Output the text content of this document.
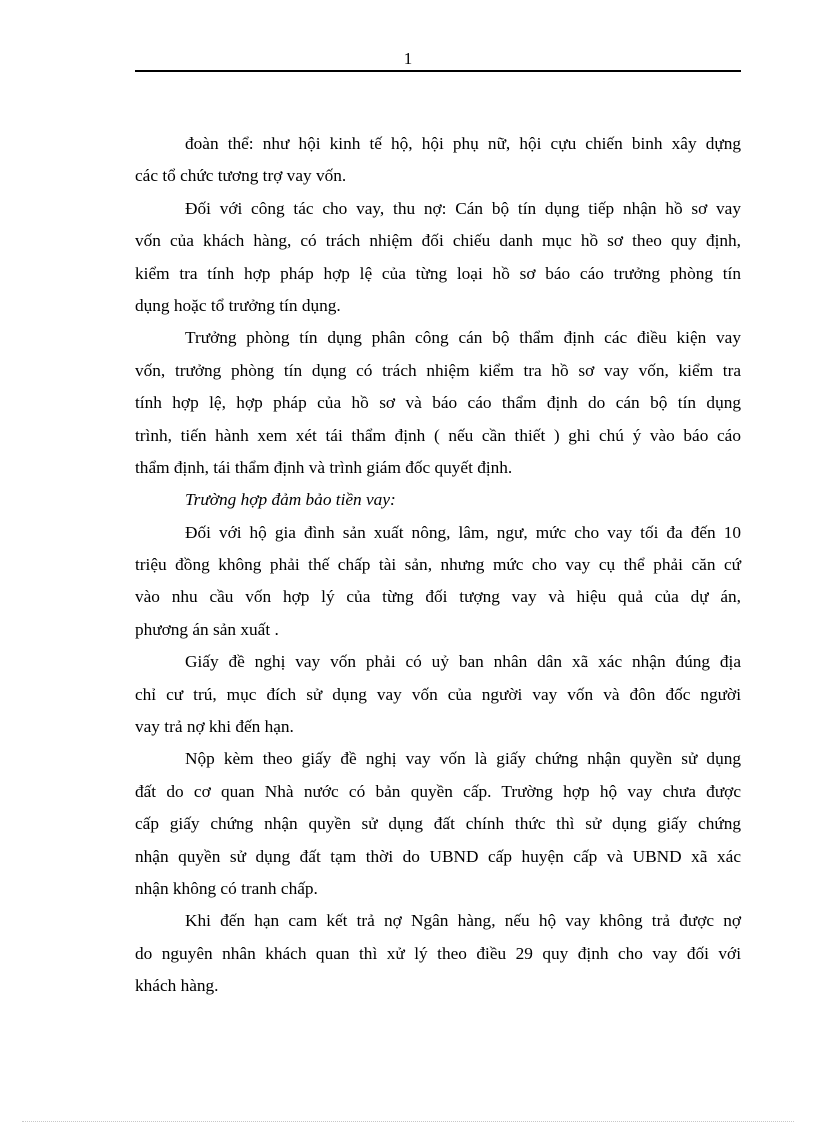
1

đoàn thể: như hội kinh tế hộ, hội phụ nữ, hội cựu chiến binh xây dựng
các tổ chức tương trợ vay vốn.

Đối với công tác cho vay, thu nợ: Cán bộ tín dụng tiếp nhận hồ sơ vay
vốn của khách hàng, có trách nhiệm đối chiếu danh mục hồ sơ theo quy định,
kiểm tra tính hợp pháp hợp lệ của từng loại hồ sơ báo cáo trưởng phòng tín
dụng hoặc tổ trưởng tín dụng.

Trưởng phòng tín dụng phân công cán bộ thẩm định các điều kiện vay
vốn, trưởng phòng tín dụng có trách nhiệm kiểm tra hồ sơ vay vốn, kiểm tra
tính hợp lệ, hợp pháp của hồ sơ và báo cáo thẩm định do cán bộ tín dụng
trình, tiến hành xem xét tái thẩm định ( nếu cần thiết ) ghi chú ý vào báo cáo
thẩm định, tái thẩm định và trình giám đốc quyết định.

Trường hợp đảm bảo tiền vay:

Đối với hộ gia đình sản xuất nông, lâm, ngư, mức cho vay tối đa đến 10
triệu đồng không phải thế chấp tài sản, nhưng mức cho vay cụ thể phải căn cứ
vào nhu cầu vốn hợp lý của từng đối tượng vay và hiệu quả của dự án,
phương án sản xuất .

Giấy đề nghị vay vốn phải có uỷ ban nhân dân xã xác nhận đúng địa
chỉ cư trú, mục đích sử dụng vay vốn của người vay vốn và đôn đốc người
vay trả nợ khi đến hạn.

Nộp kèm theo giấy đề nghị vay vốn là giấy chứng nhận quyền sử dụng
đất do cơ quan Nhà nước có bản quyền cấp. Trường hợp hộ vay chưa được
cấp giấy chứng nhận quyền sử dụng đất chính thức thì sử dụng giấy chứng
nhận quyền sử dụng đất tạm thời do UBND cấp huyện cấp và UBND xã xác
nhận không có tranh chấp.

Khi đến hạn cam kết trả nợ Ngân hàng, nếu hộ vay không trả được nợ
do nguyên nhân khách quan thì xử lý theo điều 29 quy định cho vay đối với
khách hàng.
